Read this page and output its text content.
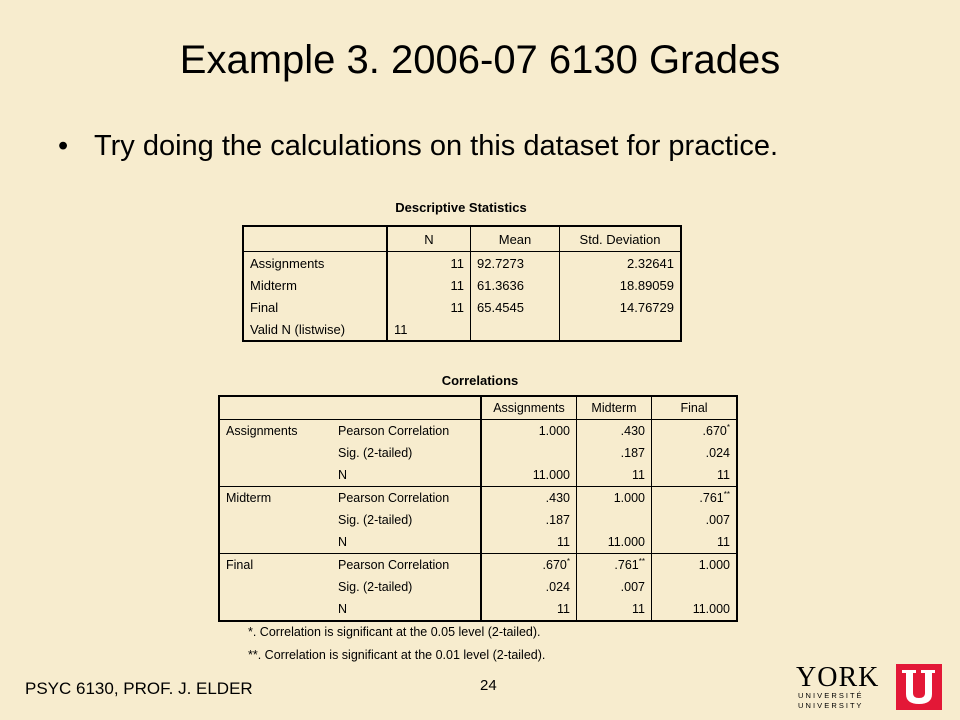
Example 3. 2006-07 6130 Grades
• Try doing the calculations on this dataset for practice.
Descriptive Statistics
	N	Mean	Std. Deviation
Assignments	11	92.7273	2.32641
Midterm	11	61.3636	18.89059
Final	11	65.4545	14.76729
Valid N (listwise)	11		
Correlations
		Assignments	Midterm	Final
Assignments	Pearson Correlation	1.000	.430	.670*
	Sig. (2-tailed)		.187	.024
	N	11.000	11	11
Midterm	Pearson Correlation	.430	1.000	.761**
	Sig. (2-tailed)	.187		.007
	N	11	11.000	11
Final	Pearson Correlation	.670*	.761**	1.000
	Sig. (2-tailed)	.024	.007	
	N	11	11	11.000
*. Correlation is significant at the 0.05 level (2-tailed).
**. Correlation is significant at the 0.01 level (2-tailed).
PSYC 6130, PROF. J. ELDER	24	YORK
U N I V E R S I T É
U N I V E R S I T Y
